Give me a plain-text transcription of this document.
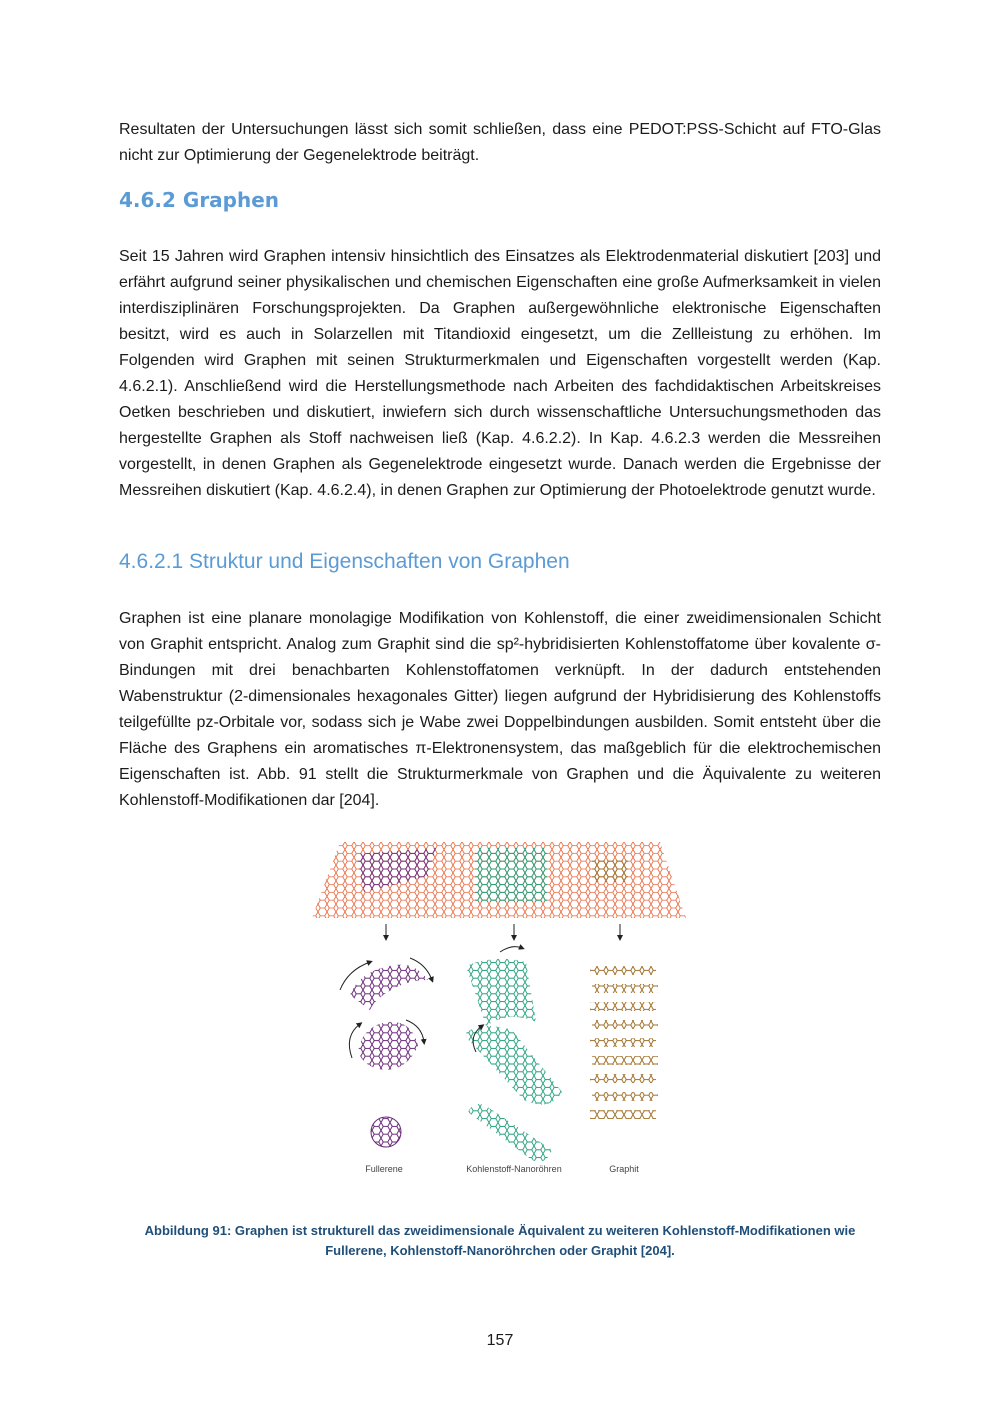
Resultaten der Untersuchungen lässt sich somit schließen, dass eine PEDOT:PSS-Schicht auf FTO-Glas nicht zur Optimierung der Gegenelektrode beiträgt.

4.6.2 Graphen

Seit 15 Jahren wird Graphen intensiv hinsichtlich des Einsatzes als Elektrodenmaterial diskutiert [203] und erfährt aufgrund seiner physikalischen und chemischen Eigenschaften eine große Aufmerksamkeit in vielen interdisziplinären Forschungsprojekten. Da Graphen außergewöhnliche elektronische Eigenschaften besitzt, wird es auch in Solarzellen mit Titandioxid eingesetzt, um die Zellleistung zu erhöhen. Im Folgenden wird Graphen mit seinen Strukturmerkmalen und Eigenschaften vorgestellt werden (Kap. 4.6.2.1). Anschließend wird die Herstellungsmethode nach Arbeiten des fachdidaktischen Arbeitskreises Oetken beschrieben und diskutiert, inwiefern sich durch wissenschaftliche Untersuchungsmethoden das hergestellte Graphen als Stoff nachweisen ließ (Kap. 4.6.2.2). In Kap. 4.6.2.3 werden die Messreihen vorgestellt, in denen Graphen als Gegenelektrode eingesetzt wurde. Danach werden die Ergebnisse der Messreihen diskutiert (Kap. 4.6.2.4), in denen Graphen zur Optimierung der Photoelektrode genutzt wurde.

4.6.2.1 Struktur und Eigenschaften von Graphen

Graphen ist eine planare monolagige Modifikation von Kohlenstoff, die einer zweidimensionalen Schicht von Graphit entspricht. Analog zum Graphit sind die sp²-hybridisierten Kohlenstoffatome über kovalente σ-Bindungen mit drei benachbarten Kohlenstoffatomen verknüpft. In der dadurch entstehenden Wabenstruktur (2-dimensionales hexagonales Gitter) liegen aufgrund der Hybridisierung des Kohlenstoffs teilgefüllte pz-Orbitale vor, sodass sich je Wabe zwei Doppelbindungen ausbilden. Somit entsteht über die Fläche des Graphens ein aromatisches π-Elektronensystem, das maßgeblich für die elektrochemischen Eigenschaften ist. Abb. 91 stellt die Strukturmerkmale von Graphen und die Äquivalente zu weiteren Kohlenstoff-Modifikationen dar [204].

Fullerene	Kohlenstoff-Nanoröhren	Graphit

Abbildung 91: Graphen ist strukturell das zweidimensionale Äquivalent zu weiteren Kohlenstoff-Modifikationen wie Fullerene, Kohlenstoff-Nanoröhrchen oder Graphit [204].

157
